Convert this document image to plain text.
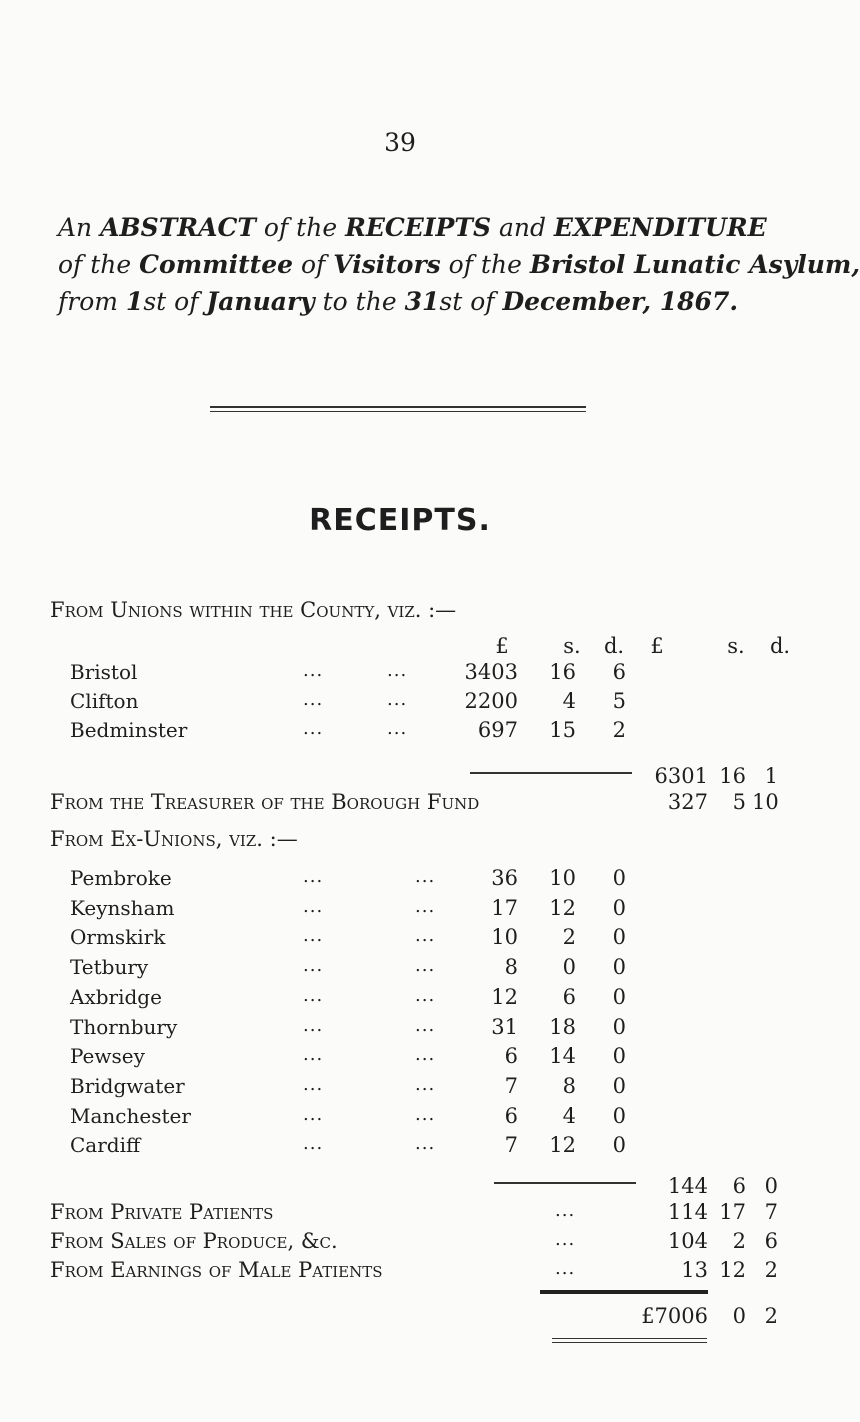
39
An ABSTRACT of the RECEIPTS and EXPENDITURE
of the Committee of Visitors of the Bristol Lunatic Asylum,
from 1st of January to the 31st of December, 1867.
RECEIPTS.
From Unions within the County, viz. :—
£	s. d. £	s. d.
Bristol	...	...	3403	16	6
Clifton	...	...	2200	4	5
Bedminster	...	...	697	15	2
6301 16 1
From the Treasurer of the Borough Fund	327	5 10
From Ex-Unions, viz. :—
Pembroke	...	...	36	10	0
Keynsham	...	...	17	12	0
Ormskirk	...	...	10	2	0
Tetbury	...	...	8	0	0
Axbridge	...	...	12	6	0
Thornbury	...	...	31	18	0
Pewsey	...	...	6	14	0
Bridgwater	...	...	7	8	0
Manchester	...	...	6	4	0
Cardiff	...	...	7	12	0
144	6 0
From Private Patients	...	114 17 7
From Sales of Produce, &c.	...	104	2 6
From Earnings of Male Patients	...	13 12 2
£7006	0 2
